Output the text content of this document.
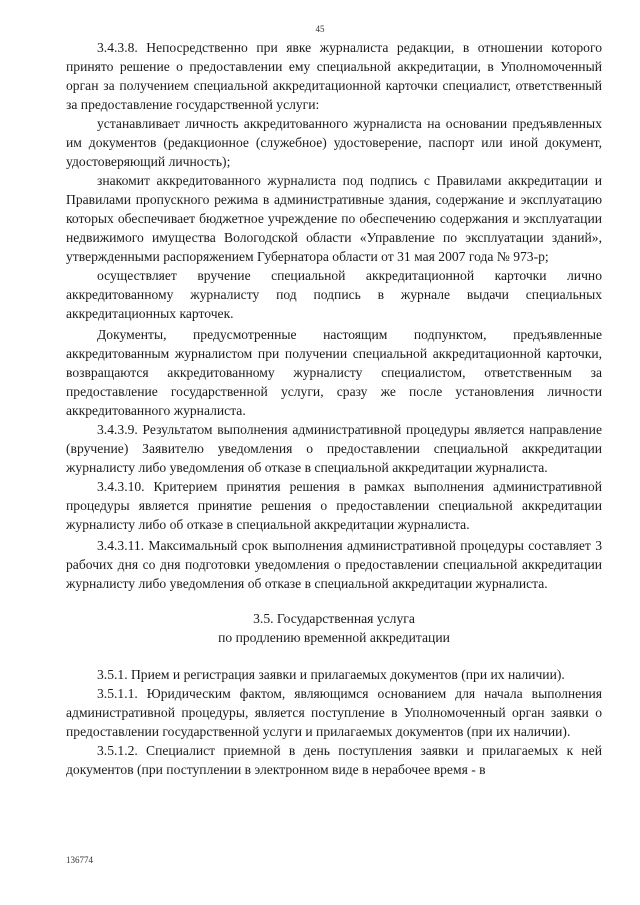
45

3.4.3.8. Непосредственно при явке журналиста редакции, в отношении которого принято решение о предоставлении ему специальной аккредитации, в Уполномоченный орган за получением специальной аккредитационной карточки специалист, ответственный за предоставление государственной услуги:

устанавливает личность аккредитованного журналиста на основании предъявленных им документов (редакционное (служебное) удостоверение, паспорт или иной документ, удостоверяющий личность);

знакомит аккредитованного журналиста под подпись с Правилами аккредитации и Правилами пропускного режима в административные здания, содержание и эксплуатацию которых обеспечивает бюджетное учреждение по обеспечению содержания и эксплуатации недвижимого имущества Вологодской области «Управление по эксплуатации зданий», утвержденными распоряжением Губернатора области от 31 мая 2007 года № 973-р;

осуществляет вручение специальной аккредитационной карточки лично аккредитованному журналисту под подпись в журнале выдачи специальных аккредитационных карточек.

Документы, предусмотренные настоящим подпунктом, предъявленные аккредитованным журналистом при получении специальной аккредитационной карточки, возвращаются аккредитованному журналисту специалистом, ответственным за предоставление государственной услуги, сразу же после установления личности аккредитованного журналиста.

3.4.3.9. Результатом выполнения административной процедуры является направление (вручение) Заявителю уведомления о предоставлении специальной аккредитации журналисту либо уведомления об отказе в специальной аккредитации журналиста.

3.4.3.10. Критерием принятия решения в рамках выполнения административной процедуры является принятие решения о предоставлении специальной аккредитации журналисту либо об отказе в специальной аккредитации журналиста.

3.4.3.11. Максимальный срок выполнения административной процедуры составляет 3 рабочих дня со дня подготовки уведомления о предоставлении специальной аккредитации журналисту либо уведомления об отказе в специальной аккредитации журналиста.

3.5. Государственная услуга
по продлению временной аккредитации

3.5.1. Прием и регистрация заявки и прилагаемых документов (при их наличии).

3.5.1.1. Юридическим фактом, являющимся основанием для начала выполнения административной процедуры, является поступление в Уполномоченный орган заявки о предоставлении государственной услуги и прилагаемых документов (при их наличии).

3.5.1.2. Специалист приемной в день поступления заявки и прилагаемых к ней документов (при поступлении в электронном виде в нерабочее время - в

136774
